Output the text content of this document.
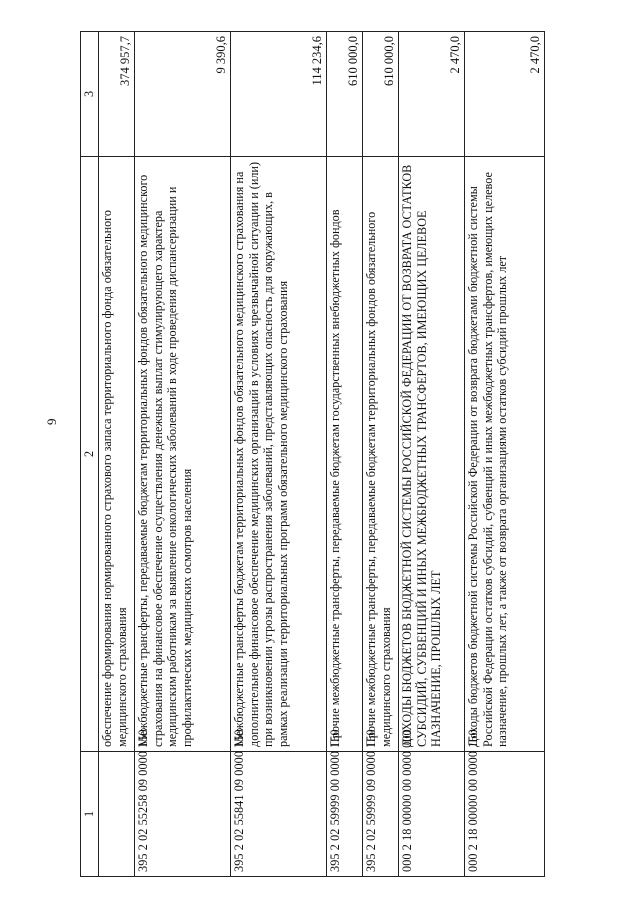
9
1	2	3
	обеспечение формирования нормированного страхового запаса территориального фонда обязательного медицинского страхования	374 957,7
395 2 02 55258 09 0000 150	Межбюджетные трансферты, передаваемые бюджетам территориальных фондов обязательного медицинского страхования на финансовое обеспечение осуществления денежных выплат стимулирующего характера медицинским работникам за выявление онкологических заболеваний в ходе проведения диспансеризации и профилактических медицинских осмотров населения	9 390,6
395 2 02 55841 09 0000 150	Межбюджетные трансферты бюджетам территориальных фондов обязательного медицинского страхования на дополнительное финансовое обеспечение медицинских организаций в условиях чрезвычайной ситуации и (или) при возникновении угрозы распространения заболеваний, представляющих опасность для окружающих, в рамках реализации территориальных программ обязательного медицинского страхования	114 234,6
395 2 02 59999 00 0000 150	Прочие межбюджетные трансферты, передаваемые бюджетам государственных внебюджетных фондов	610 000,0
395 2 02 59999 09 0000 150	Прочие межбюджетные трансферты, передаваемые бюджетам территориальных фондов обязательного медицинского страхования	610 000,0
000 2 18 00000 00 0000 000	ДОХОДЫ БЮДЖЕТОВ БЮДЖЕТНОЙ СИСТЕМЫ РОССИЙСКОЙ ФЕДЕРАЦИИ ОТ ВОЗВРАТА ОСТАТКОВ СУБСИДИЙ, СУБВЕНЦИЙ И ИНЫХ МЕЖБЮДЖЕТНЫХ ТРАНСФЕРТОВ, ИМЕЮЩИХ ЦЕЛЕВОЕ НАЗНАЧЕНИЕ, ПРОШЛЫХ ЛЕТ	2 470,0
000 2 18 00000 00 0000 150	Доходы бюджетов бюджетной системы Российской Федерации от возврата бюджетами бюджетной системы Российской Федерации остатков субсидий, субвенций и иных межбюджетных трансфертов, имеющих целевое назначение, прошлых лет, а также от возврата организациями остатков субсидий прошлых лет	2 470,0
